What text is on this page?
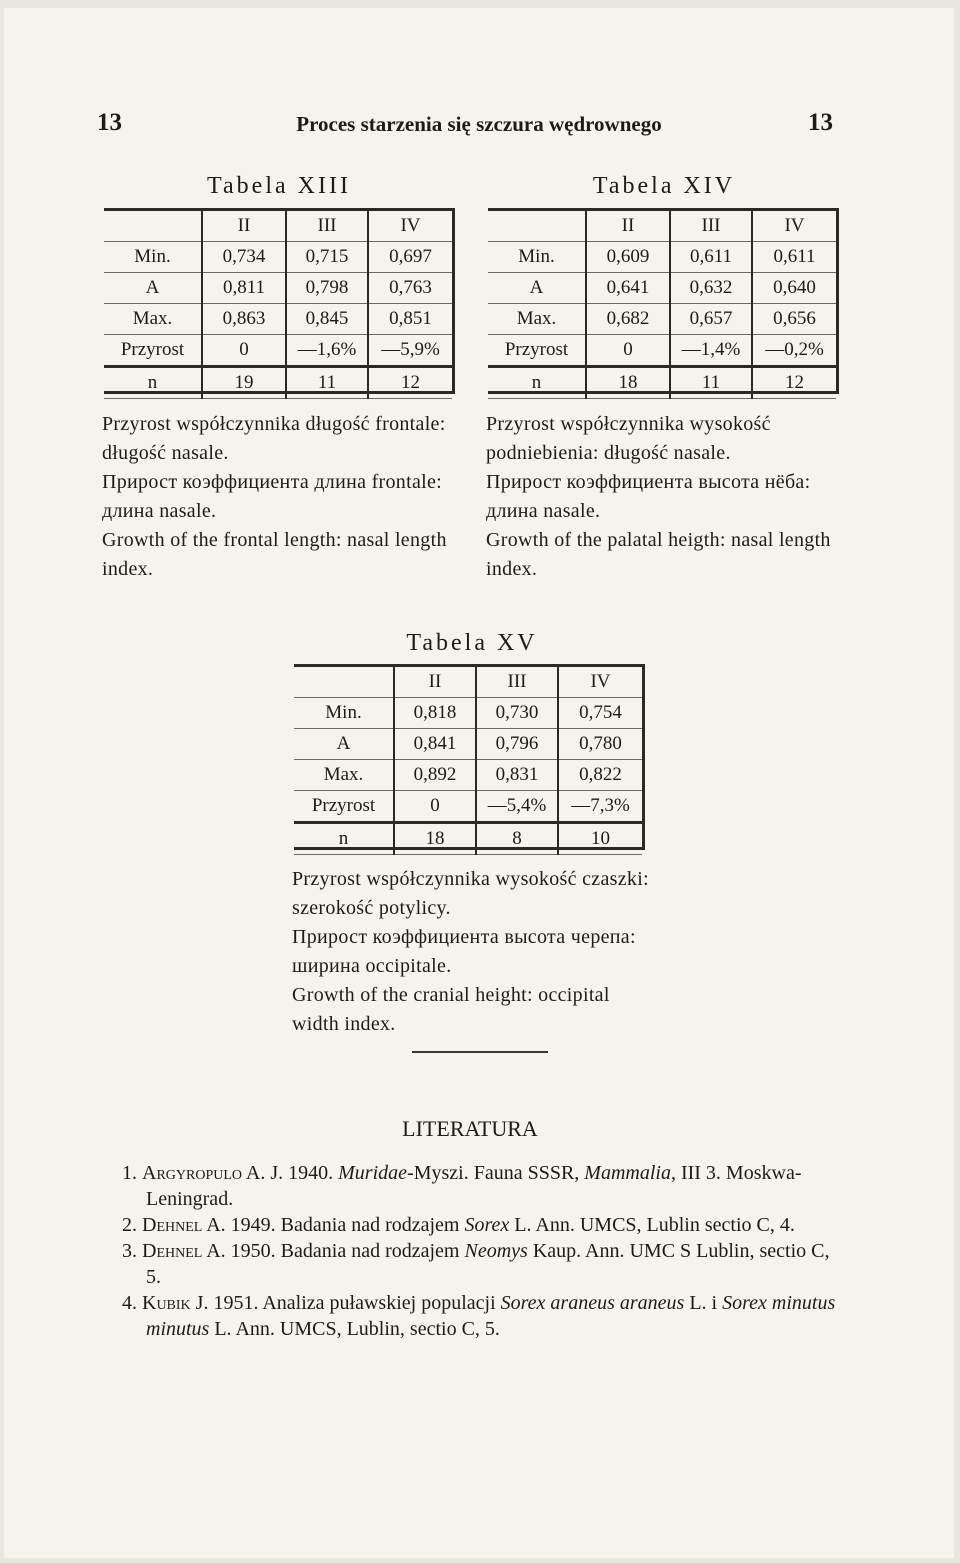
13	Proces starzenia się szczura wędrownego	13
Tabela XIII
	II	III	IV
Min.	0,734	0,715	0,697
A	0,811	0,798	0,763
Max.	0,863	0,845	0,851
Przyrost	0	—1,6%	—5,9%
n	19	11	12

Przyrost współczynnika długość frontale: długość nasale.

Прирост коэффициента длина frontale: длина nasale.

Growth of the frontal length: nasal length index.

Tabela XIV
	II	III	IV
Min.	0,609	0,611	0,611
A	0,641	0,632	0,640
Max.	0,682	0,657	0,656
Przyrost	0	—1,4%	—0,2%
n	18	11	12

Przyrost współczynnika wysokość podniebienia: długość nasale.

Прирост коэффициента высота нёба: длина nasale.

Growth of the palatal heigth: nasal length index.

Tabela XV
	II	III	IV
Min.	0,818	0,730	0,754
A	0,841	0,796	0,780
Max.	0,892	0,831	0,822
Przyrost	0	—5,4%	—7,3%
n	18	8	10

Przyrost współczynnika wysokość czaszki: szerokość potylicy.

Прирост коэффициента высота черепа: ширина occipitale.

Growth of the cranial height: occipital width index.

LITERATURA

1. Argyropulo A. J. 1940. Muridae-Myszi. Fauna SSSR, Mammalia, III 3. Moskwa-Leningrad.

2. Dehnel A. 1949. Badania nad rodzajem Sorex L. Ann. UMCS, Lublin sectio C, 4.

3. Dehnel A. 1950. Badania nad rodzajem Neomys Kaup. Ann. UMC S Lublin, sectio C, 5.

4. Kubik J. 1951. Analiza puławskiej populacji Sorex araneus araneus L. i Sorex minutus minutus L. Ann. UMCS, Lublin, sectio C, 5.
